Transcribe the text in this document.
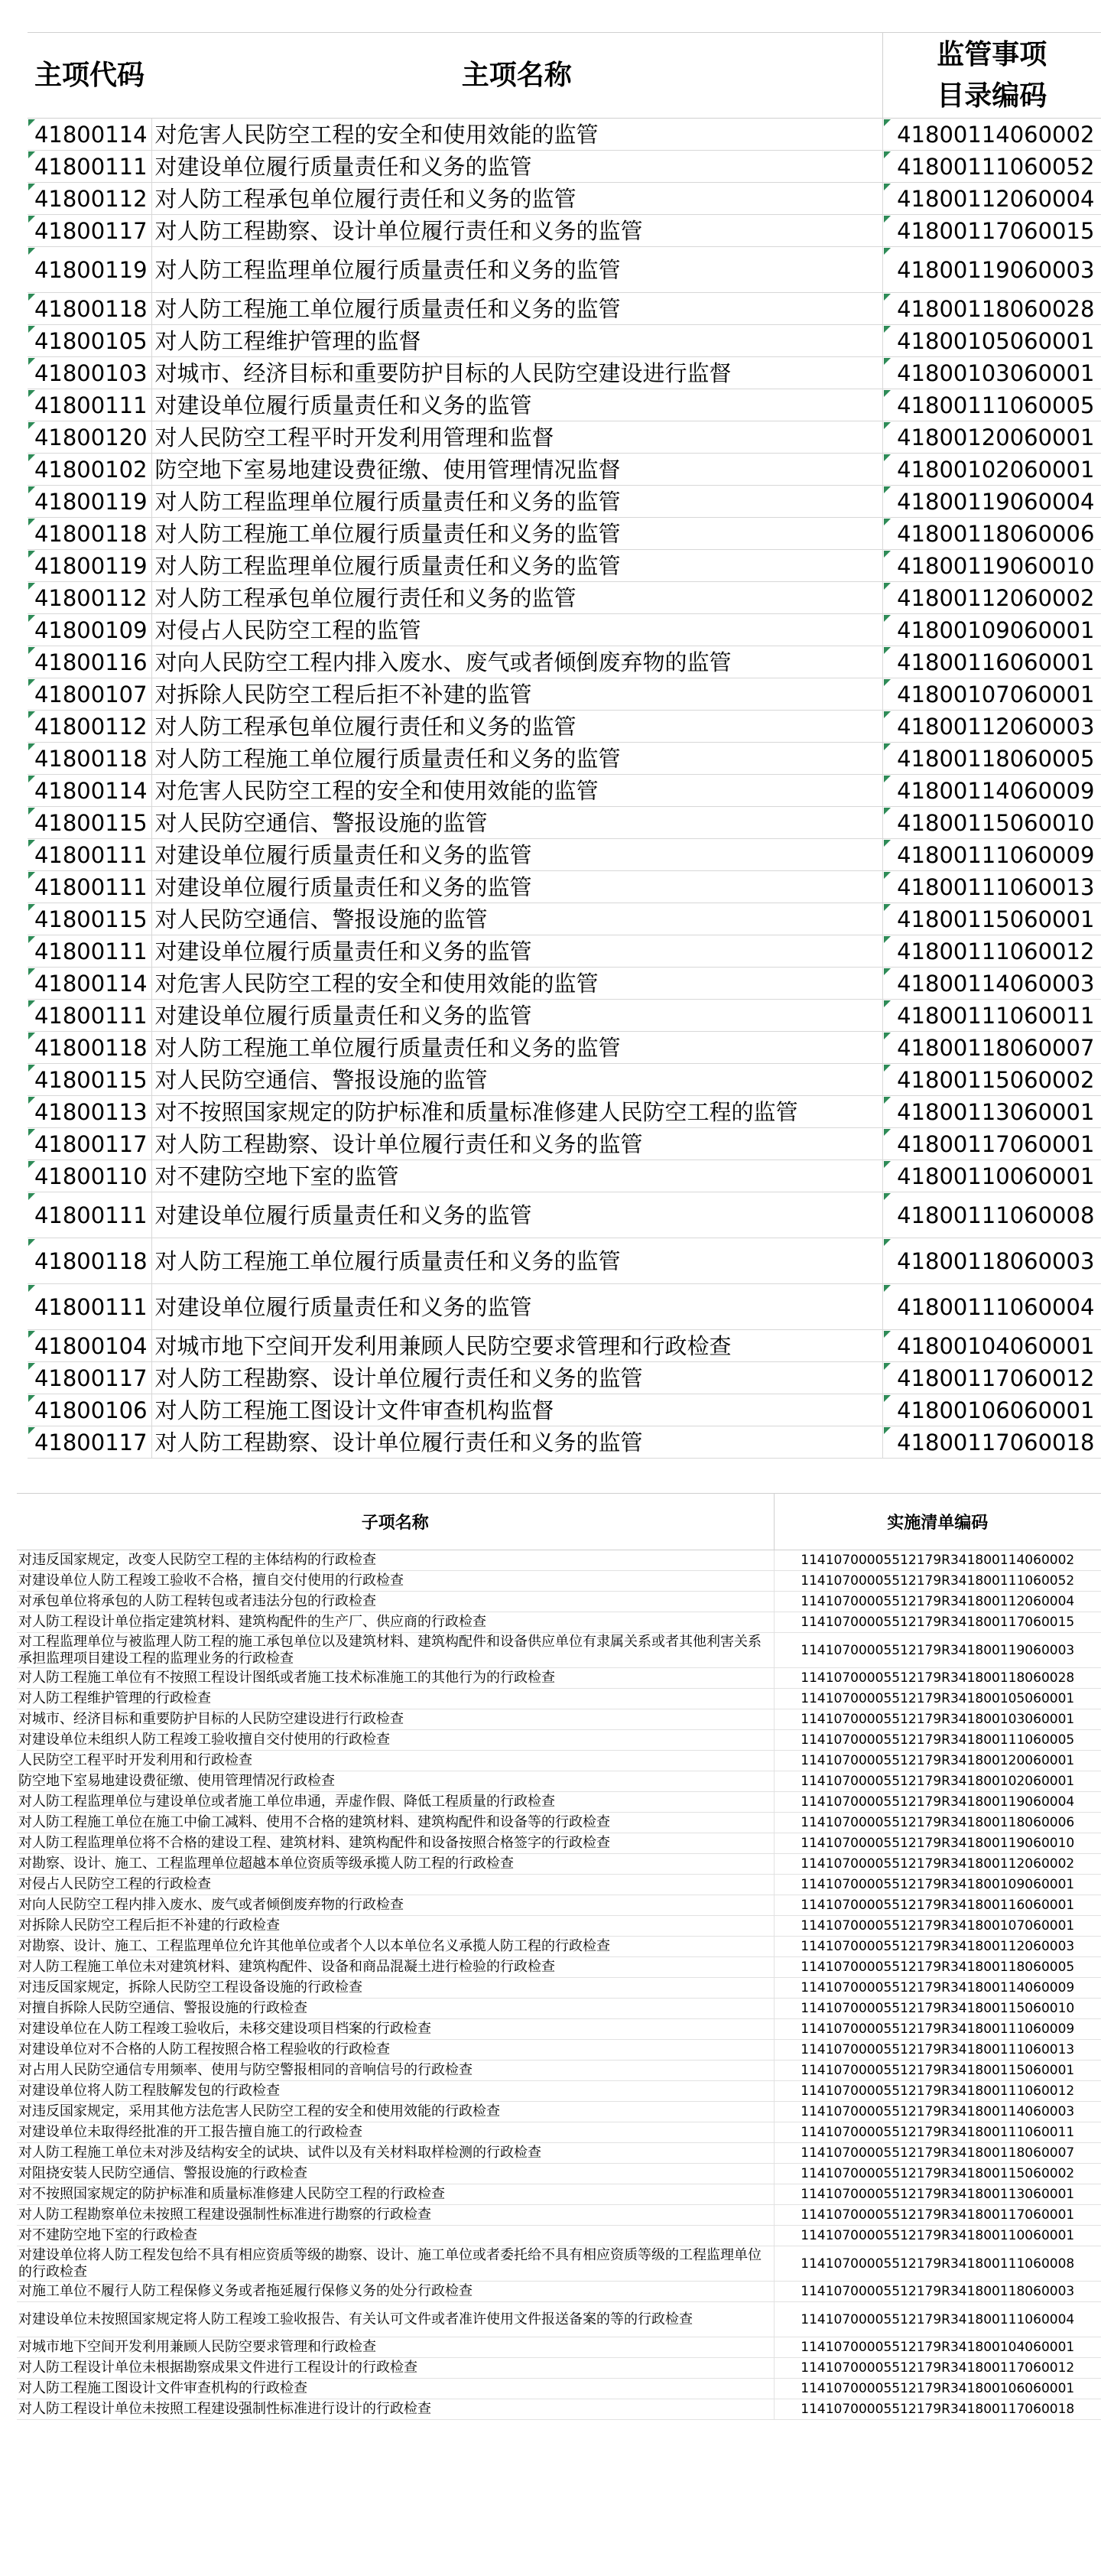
主项代码	主项名称	监管事项
目录编码

41800114	对危害人民防空工程的安全和使用效能的监管	41800114060002
41800111	对建设单位履行质量责任和义务的监管	41800111060052
41800112	对人防工程承包单位履行责任和义务的监管	41800112060004
41800117	对人防工程勘察、设计单位履行责任和义务的监管	41800117060015
41800119	对人防工程监理单位履行质量责任和义务的监管	41800119060003
41800118	对人防工程施工单位履行质量责任和义务的监管	41800118060028
41800105	对人防工程维护管理的监督	41800105060001
41800103	对城市、经济目标和重要防护目标的人民防空建设进行监督	41800103060001
41800111	对建设单位履行质量责任和义务的监管	41800111060005
41800120	对人民防空工程平时开发利用管理和监督	41800120060001
41800102	防空地下室易地建设费征缴、使用管理情况监督	41800102060001
41800119	对人防工程监理单位履行质量责任和义务的监管	41800119060004
41800118	对人防工程施工单位履行质量责任和义务的监管	41800118060006
41800119	对人防工程监理单位履行质量责任和义务的监管	41800119060010
41800112	对人防工程承包单位履行责任和义务的监管	41800112060002
41800109	对侵占人民防空工程的监管	41800109060001
41800116	对向人民防空工程内排入废水、废气或者倾倒废弃物的监管	41800116060001
41800107	对拆除人民防空工程后拒不补建的监管	41800107060001
41800112	对人防工程承包单位履行责任和义务的监管	41800112060003
41800118	对人防工程施工单位履行质量责任和义务的监管	41800118060005
41800114	对危害人民防空工程的安全和使用效能的监管	41800114060009
41800115	对人民防空通信、警报设施的监管	41800115060010
41800111	对建设单位履行质量责任和义务的监管	41800111060009
41800111	对建设单位履行质量责任和义务的监管	41800111060013
41800115	对人民防空通信、警报设施的监管	41800115060001
41800111	对建设单位履行质量责任和义务的监管	41800111060012
41800114	对危害人民防空工程的安全和使用效能的监管	41800114060003
41800111	对建设单位履行质量责任和义务的监管	41800111060011
41800118	对人防工程施工单位履行质量责任和义务的监管	41800118060007
41800115	对人民防空通信、警报设施的监管	41800115060002
41800113	对不按照国家规定的防护标准和质量标准修建人民防空工程的监管	41800113060001
41800117	对人防工程勘察、设计单位履行责任和义务的监管	41800117060001
41800110	对不建防空地下室的监管	41800110060001
41800111	对建设单位履行质量责任和义务的监管	41800111060008
41800118	对人防工程施工单位履行质量责任和义务的监管	41800118060003
41800111	对建设单位履行质量责任和义务的监管	41800111060004
41800104	对城市地下空间开发利用兼顾人民防空要求管理和行政检查	41800104060001
41800117	对人防工程勘察、设计单位履行责任和义务的监管	41800117060012
41800106	对人防工程施工图设计文件审查机构监督	41800106060001
41800117	对人防工程勘察、设计单位履行责任和义务的监管	41800117060018
子项名称	实施清单编码
对违反国家规定，改变人民防空工程的主体结构的行政检查	11410700005512179R341800114060002
对建设单位人防工程竣工验收不合格，擅自交付使用的行政检查	11410700005512179R341800111060052
对承包单位将承包的人防工程转包或者违法分包的行政检查	11410700005512179R341800112060004
对人防工程设计单位指定建筑材料、建筑构配件的生产厂、供应商的行政检查	11410700005512179R341800117060015
对工程监理单位与被监理人防工程的施工承包单位以及建筑材料、建筑构配件和设备供应单位有隶属关系或者其他利害关系承担监理项目建设工程的监理业务的行政检查	11410700005512179R341800119060003
对人防工程施工单位有不按照工程设计图纸或者施工技术标准施工的其他行为的行政检查	11410700005512179R341800118060028
对人防工程维护管理的行政检查	11410700005512179R341800105060001
对城市、经济目标和重要防护目标的人民防空建设进行行政检查	11410700005512179R341800103060001
对建设单位未组织人防工程竣工验收擅自交付使用的行政检查	11410700005512179R341800111060005
人民防空工程平时开发利用和行政检查	11410700005512179R341800120060001
防空地下室易地建设费征缴、使用管理情况行政检查	11410700005512179R341800102060001
对人防工程监理单位与建设单位或者施工单位串通，弄虚作假、降低工程质量的行政检查	11410700005512179R341800119060004
对人防工程施工单位在施工中偷工减料、使用不合格的建筑材料、建筑构配件和设备等的行政检查	11410700005512179R341800118060006
对人防工程监理单位将不合格的建设工程、建筑材料、建筑构配件和设备按照合格签字的行政检查	11410700005512179R341800119060010
对勘察、设计、施工、工程监理单位超越本单位资质等级承揽人防工程的行政检查	11410700005512179R341800112060002
对侵占人民防空工程的行政检查	11410700005512179R341800109060001
对向人民防空工程内排入废水、废气或者倾倒废弃物的行政检查	11410700005512179R341800116060001
对拆除人民防空工程后拒不补建的行政检查	11410700005512179R341800107060001
对勘察、设计、施工、工程监理单位允许其他单位或者个人以本单位名义承揽人防工程的行政检查	11410700005512179R341800112060003
对人防工程施工单位未对建筑材料、建筑构配件、设备和商品混凝土进行检验的行政检查	11410700005512179R341800118060005
对违反国家规定，拆除人民防空工程设备设施的行政检查	11410700005512179R341800114060009
对擅自拆除人民防空通信、警报设施的行政检查	11410700005512179R341800115060010
对建设单位在人防工程竣工验收后，未移交建设项目档案的行政检查	11410700005512179R341800111060009
对建设单位对不合格的人防工程按照合格工程验收的行政检查	11410700005512179R341800111060013
对占用人民防空通信专用频率、使用与防空警报相同的音响信号的行政检查	11410700005512179R341800115060001
对建设单位将人防工程肢解发包的行政检查	11410700005512179R341800111060012
对违反国家规定，采用其他方法危害人民防空工程的安全和使用效能的行政检查	11410700005512179R341800114060003
对建设单位未取得经批准的开工报告擅自施工的行政检查	11410700005512179R341800111060011
对人防工程施工单位未对涉及结构安全的试块、试件以及有关材料取样检测的行政检查	11410700005512179R341800118060007
对阻挠安装人民防空通信、警报设施的行政检查	11410700005512179R341800115060002
对不按照国家规定的防护标准和质量标准修建人民防空工程的行政检查	11410700005512179R341800113060001
对人防工程勘察单位未按照工程建设强制性标准进行勘察的行政检查	11410700005512179R341800117060001
对不建防空地下室的行政检查	11410700005512179R341800110060001
对建设单位将人防工程发包给不具有相应资质等级的勘察、设计、施工单位或者委托给不具有相应资质等级的工程监理单位的行政检查	11410700005512179R341800111060008
对施工单位不履行人防工程保修义务或者拖延履行保修义务的处分行政检查	11410700005512179R341800118060003
对建设单位未按照国家规定将人防工程竣工验收报告、有关认可文件或者准许使用文件报送备案的等的行政检查	11410700005512179R341800111060004
对城市地下空间开发利用兼顾人民防空要求管理和行政检查	11410700005512179R341800104060001
对人防工程设计单位未根据勘察成果文件进行工程设计的行政检查	11410700005512179R341800117060012
对人防工程施工图设计文件审查机构的行政检查	11410700005512179R341800106060001
对人防工程设计单位未按照工程建设强制性标准进行设计的行政检查	11410700005512179R341800117060018
